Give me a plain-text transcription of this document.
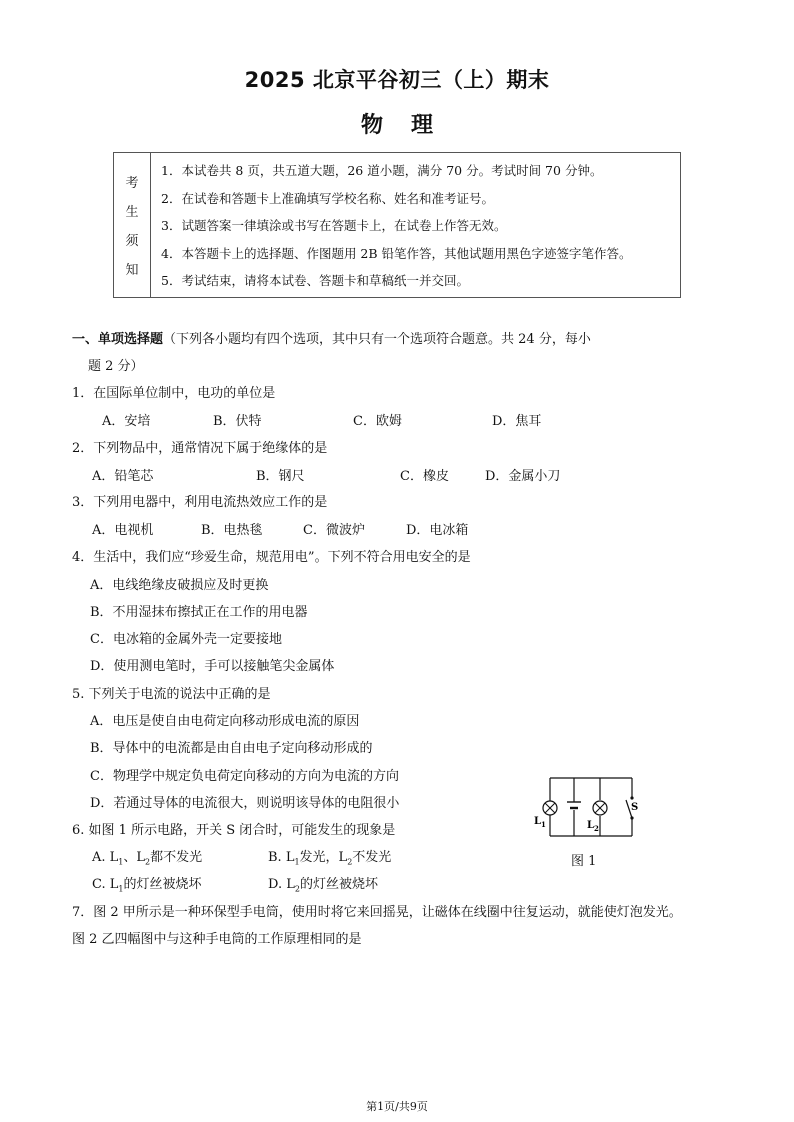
2025 北京平谷初三（上）期末
物理
考
生
须
知
1．本试卷共 8 页，共五道大题，26 道小题，满分 70 分。考试时间 70 分钟。
2．在试卷和答题卡上准确填写学校名称、姓名和准考证号。
3．试题答案一律填涂或书写在答题卡上，在试卷上作答无效。
4．本答题卡上的选择题、作图题用 2B 铅笔作答，其他试题用黑色字迹签字笔作答。
5．考试结束，请将本试卷、答题卡和草稿纸一并交回。
一、单项选择题（下列各小题均有四个选项，其中只有一个选项符合题意。共 24 分，每小
题 2 分）
1．在国际单位制中，电功的单位是
A．安培	B．伏特	C．欧姆	D．焦耳
2．下列物品中，通常情况下属于绝缘体的是
A．铅笔芯	B．钢尺	C．橡皮	D．金属小刀
3．下列用电器中，利用电流热效应工作的是
A．电视机	B．电热毯	C．微波炉	D．电冰箱
4．生活中，我们应“珍爱生命，规范用电”。下列不符合用电安全的是
A．电线绝缘皮破损应及时更换
B．不用湿抹布擦拭正在工作的用电器
C．电冰箱的金属外壳一定要接地
D．使用测电笔时，手可以接触笔尖金属体
5. 下列关于电流的说法中正确的是
A．电压是使自由电荷定向移动形成电流的原因
B．导体中的电流都是由自由电子定向移动形成的
C．物理学中规定负电荷定向移动的方向为电流的方向
D．若通过导体的电流很大，则说明该导体的电阻很小
6. 如图 1 所示电路，开关 S 闭合时，可能发生的现象是
A. $L_1$、$L_2$都不发光	B. $L_1$发光，$L_2$不发光
C. $L_1$的灯丝被烧坏	D. $L_2$的灯丝被烧坏
$L_1$	$L_2$
S
图 1
7．图 2 甲所示是一种环保型手电筒，使用时将它来回摇晃，让磁体在线圈中往复运动，就能使灯泡发光。
图 2 乙四幅图中与这种手电筒的工作原理相同的是
第1页/共9页
